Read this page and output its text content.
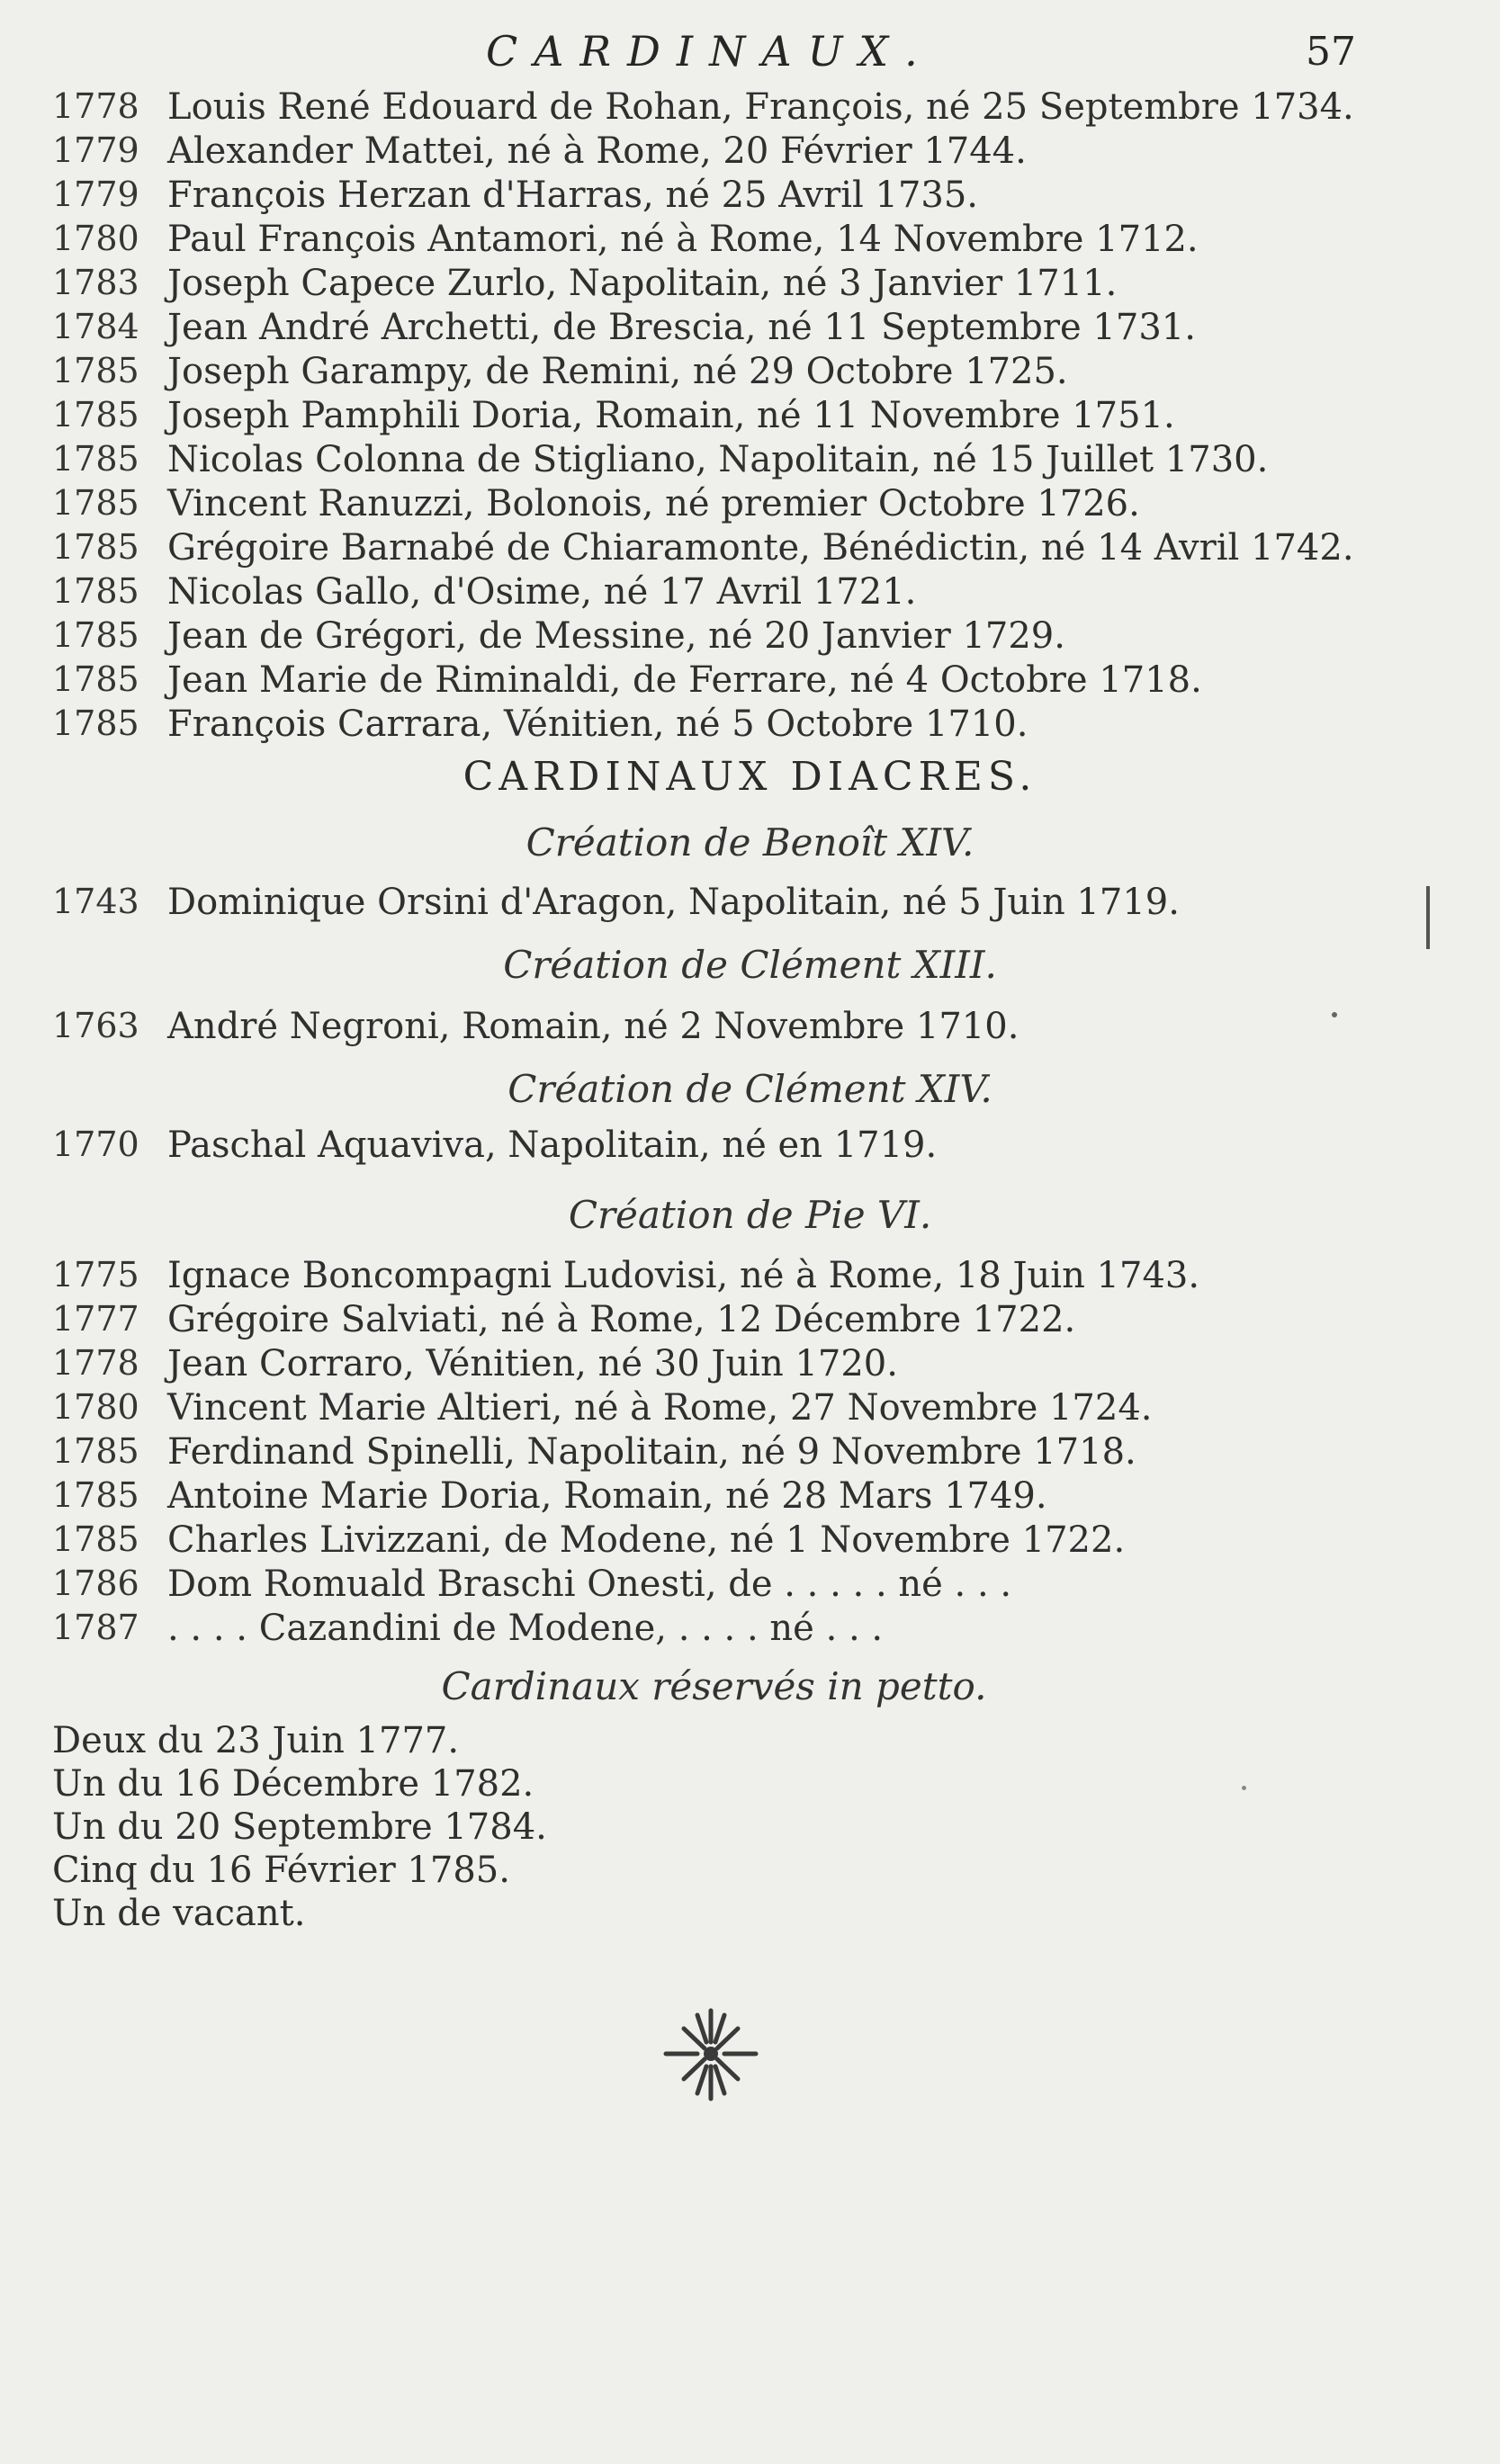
CARDINAUX.	57
1778 Louis René Edouard de Rohan, François, né 25 Septembre 1734.
1779 Alexander Mattei, né à Rome, 20 Février 1744.
1779 François Herzan d'Harras, né 25 Avril 1735.
1780 Paul François Antamori, né à Rome, 14 Novembre 1712.
1783 Joseph Capece Zurlo, Napolitain, né 3 Janvier 1711.
1784 Jean André Archetti, de Brescia, né 11 Septembre 1731.
1785 Joseph Garampy, de Remini, né 29 Octobre 1725.
1785 Joseph Pamphili Doria, Romain, né 11 Novembre 1751.
1785 Nicolas Colonna de Stigliano, Napolitain, né 15 Juillet 1730.
1785 Vincent Ranuzzi, Bolonois, né premier Octobre 1726.
1785 Grégoire Barnabé de Chiaramonte, Bénédictin, né 14 Avril 1742.
1785 Nicolas Gallo, d'Osime, né 17 Avril 1721.
1785 Jean de Grégori, de Messine, né 20 Janvier 1729.
1785 Jean Marie de Riminaldi, de Ferrare, né 4 Octobre 1718.
1785 François Carrara, Vénitien, né 5 Octobre 1710.
CARDINAUX DIACRES.
Création de Benoît XIV.
1743 Dominique Orsini d'Aragon, Napolitain, né 5 Juin 1719.
Création de Clément XIII.
1763 André Negroni, Romain, né 2 Novembre 1710.
Création de Clément XIV.
1770 Paschal Aquaviva, Napolitain, né en 1719.
Création de Pie VI.
1775 Ignace Boncompagni Ludovisi, né à Rome, 18 Juin 1743.
1777 Grégoire Salviati, né à Rome, 12 Décembre 1722.
1778 Jean Corraro, Vénitien, né 30 Juin 1720.
1780 Vincent Marie Altieri, né à Rome, 27 Novembre 1724.
1785 Ferdinand Spinelli, Napolitain, né 9 Novembre 1718.
1785 Antoine Marie Doria, Romain, né 28 Mars 1749.
1785 Charles Livizzani, de Modene, né 1 Novembre 1722.
1786 Dom Romuald Braschi Onesti, de . . . . . né . . .
1787 . . . . Cazandini de Modene, . . . . né . . .
Cardinaux réservés in petto.
Deux du 23 Juin 1777.
Un du 16 Décembre 1782.
Un du 20 Septembre 1784.
Cinq du 16 Février 1785.
Un de vacant.
